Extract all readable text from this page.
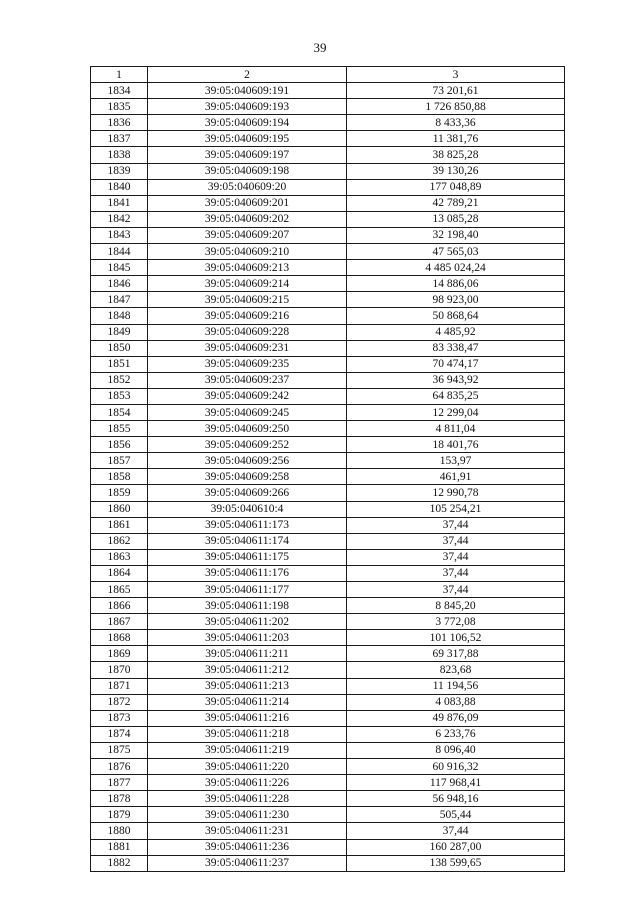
39
1	2	3
1834	39:05:040609:191	73 201,61
1835	39:05:040609:193	1 726 850,88
1836	39:05:040609:194	8 433,36
1837	39:05:040609:195	11 381,76
1838	39:05:040609:197	38 825,28
1839	39:05:040609:198	39 130,26
1840	39:05:040609:20	177 048,89
1841	39:05:040609:201	42 789,21
1842	39:05:040609:202	13 085,28
1843	39:05:040609:207	32 198,40
1844	39:05:040609:210	47 565,03
1845	39:05:040609:213	4 485 024,24
1846	39:05:040609:214	14 886,06
1847	39:05:040609:215	98 923,00
1848	39:05:040609:216	50 868,64
1849	39:05:040609:228	4 485,92
1850	39:05:040609:231	83 338,47
1851	39:05:040609:235	70 474,17
1852	39:05:040609:237	36 943,92
1853	39:05:040609:242	64 835,25
1854	39:05:040609:245	12 299,04
1855	39:05:040609:250	4 811,04
1856	39:05:040609:252	18 401,76
1857	39:05:040609:256	153,97
1858	39:05:040609:258	461,91
1859	39:05:040609:266	12 990,78
1860	39:05:040610:4	105 254,21
1861	39:05:040611:173	37,44
1862	39:05:040611:174	37,44
1863	39:05:040611:175	37,44
1864	39:05:040611:176	37,44
1865	39:05:040611:177	37,44
1866	39:05:040611:198	8 845,20
1867	39:05:040611:202	3 772,08
1868	39:05:040611:203	101 106,52
1869	39:05:040611:211	69 317,88
1870	39:05:040611:212	823,68
1871	39:05:040611:213	11 194,56
1872	39:05:040611:214	4 083,88
1873	39:05:040611:216	49 876,09
1874	39:05:040611:218	6 233,76
1875	39:05:040611:219	8 096,40
1876	39:05:040611:220	60 916,32
1877	39:05:040611:226	117 968,41
1878	39:05:040611:228	56 948,16
1879	39:05:040611:230	505,44
1880	39:05:040611:231	37,44
1881	39:05:040611:236	160 287,00
1882	39:05:040611:237	138 599,65
